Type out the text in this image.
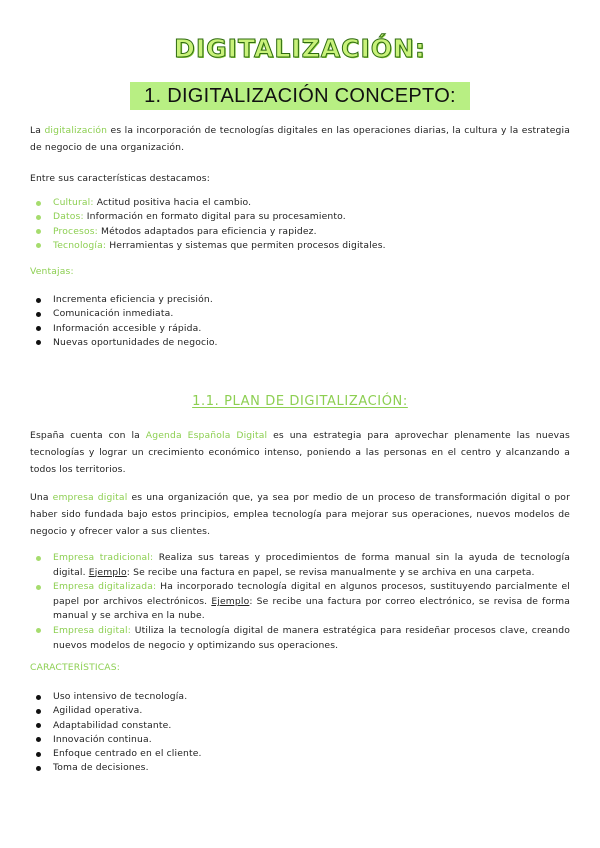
DIGITALIZACIÓN:
1. DIGITALIZACIÓN CONCEPTO:
La digitalización es la incorporación de tecnologías digitales en las operaciones diarias, la cultura y la estrategia de negocio de una organización.
Entre sus características destacamos:
Cultural: Actitud positiva hacia el cambio.
Datos: Información en formato digital para su procesamiento.
Procesos: Métodos adaptados para eficiencia y rapidez.
Tecnología: Herramientas y sistemas que permiten procesos digitales.
Ventajas:
Incrementa eficiencia y precisión.
Comunicación inmediata.
Información accesible y rápida.
Nuevas oportunidades de negocio.
1.1. PLAN DE DIGITALIZACIÓN:
España cuenta con la Agenda Española Digital es una estrategia para aprovechar plenamente las nuevas tecnologías y lograr un crecimiento económico intenso, poniendo a las personas en el centro y alcanzando a todos los territorios.
Una empresa digital es una organización que, ya sea por medio de un proceso de transformación digital o por haber sido fundada bajo estos principios, emplea tecnología para mejorar sus operaciones, nuevos modelos de negocio y ofrecer valor a sus clientes.
Empresa tradicional: Realiza sus tareas y procedimientos de forma manual sin la ayuda de tecnología digital. Ejemplo: Se recibe una factura en papel, se revisa manualmente y se archiva en una carpeta.
Empresa digitalizada: Ha incorporado tecnología digital en algunos procesos, sustituyendo parcialmente el papel por archivos electrónicos. Ejemplo: Se recibe una factura por correo electrónico, se revisa de forma manual y se archiva en la nube.
Empresa digital: Utiliza la tecnología digital de manera estratégica para resideñar procesos clave, creando nuevos modelos de negocio y optimizando sus operaciones.
CARACTERÍSTICAS:
Uso intensivo de tecnología.
Agilidad operativa.
Adaptabilidad constante.
Innovación continua.
Enfoque centrado en el cliente.
Toma de decisiones.
